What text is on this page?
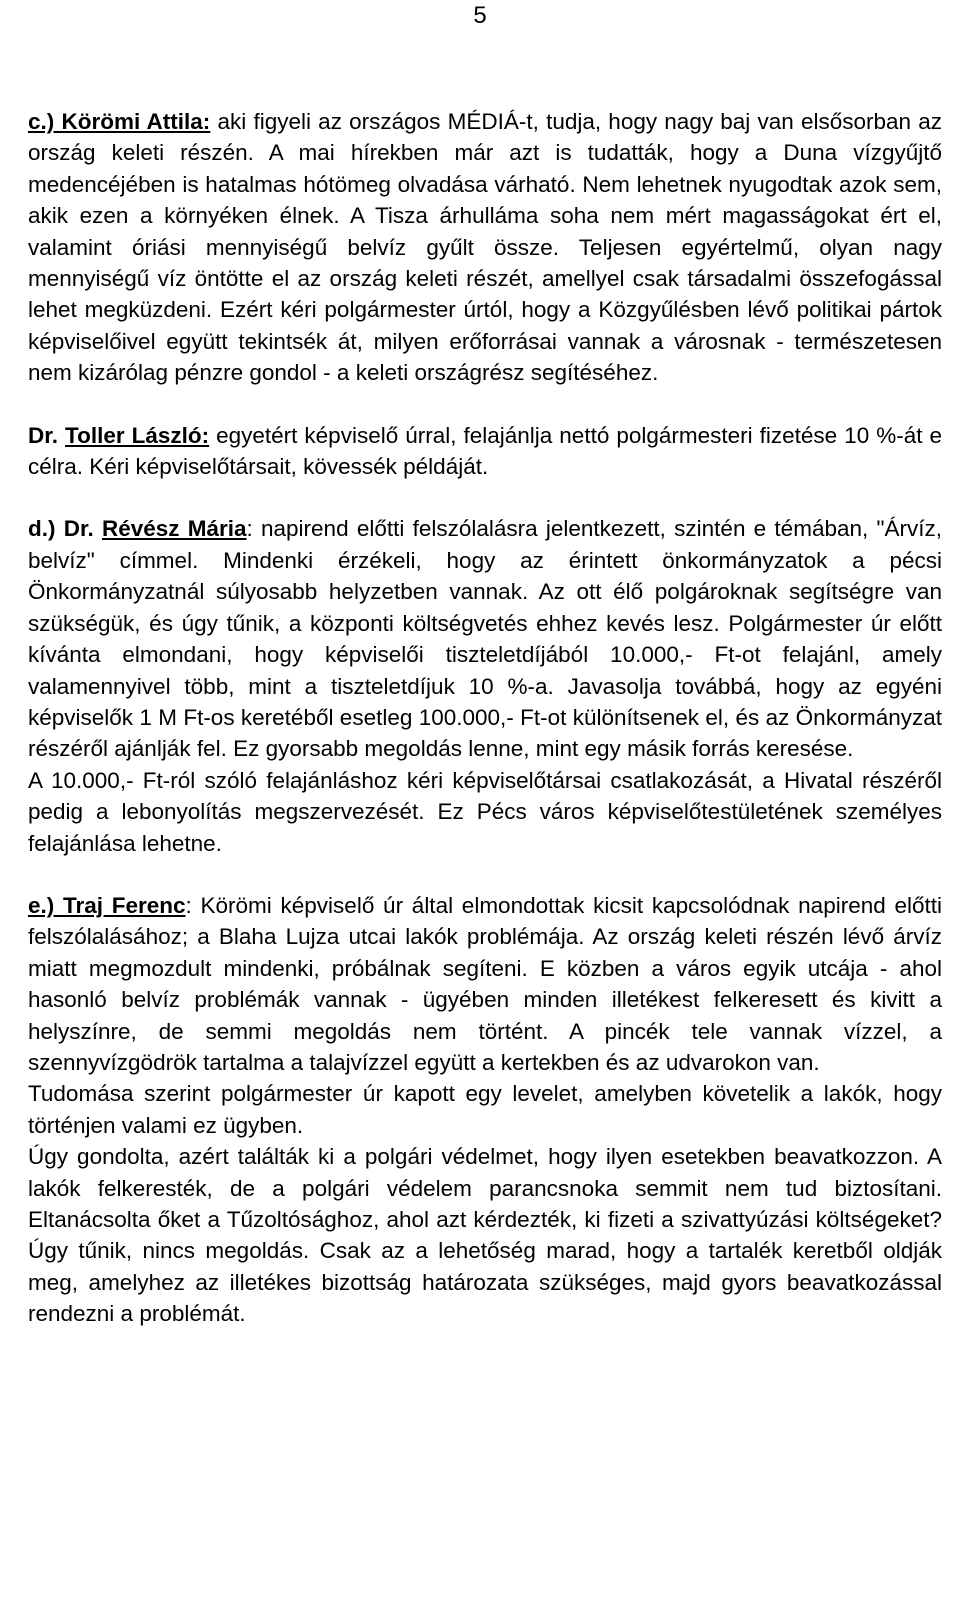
5

c.) Körömi Attila: aki figyeli az országos MÉDIÁ-t, tudja, hogy nagy baj van elsősorban az ország keleti részén. A mai hírekben már azt is tudatták, hogy a Duna vízgyűjtő medencéjében is hatalmas hótömeg olvadása várható. Nem lehetnek nyugodtak azok sem, akik ezen a környéken élnek. A Tisza árhulláma soha nem mért magasságokat ért el, valamint óriási mennyiségű belvíz gyűlt össze. Teljesen egyértelmű, olyan nagy mennyiségű víz öntötte el az ország keleti részét, amellyel csak társadalmi összefogással lehet megküzdeni. Ezért kéri polgármester úrtól, hogy a Közgyűlésben lévő politikai pártok képviselőivel együtt tekintsék át, milyen erőforrásai vannak a városnak - természetesen nem kizárólag pénzre gondol - a keleti országrész segítéséhez.

Dr. Toller László: egyetért képviselő úrral, felajánlja nettó polgármesteri fizetése 10 %-át e célra. Kéri képviselőtársait, kövessék példáját.

d.) Dr. Révész Mária: napirend előtti felszólalásra jelentkezett, szintén e témában, "Árvíz, belvíz" címmel. Mindenki érzékeli, hogy az érintett önkormányzatok a pécsi Önkormányzatnál súlyosabb helyzetben vannak. Az ott élő polgároknak segítségre van szükségük, és úgy tűnik, a központi költségvetés ehhez kevés lesz. Polgármester úr előtt kívánta elmondani, hogy képviselői tiszteletdíjából 10.000,- Ft-ot felajánl, amely valamennyivel több, mint a tiszteletdíjuk 10 %-a. Javasolja továbbá, hogy az egyéni képviselők 1 M Ft-os keretéből esetleg 100.000,- Ft-ot különítsenek el, és az Önkormányzat részéről ajánlják fel. Ez gyorsabb megoldás lenne, mint egy másik forrás keresése.

A 10.000,- Ft-ról szóló felajánláshoz kéri képviselőtársai csatlakozását, a Hivatal részéről pedig a lebonyolítás megszervezését. Ez Pécs város képviselőtestületének személyes felajánlása lehetne.

e.) Traj Ferenc: Körömi képviselő úr által elmondottak kicsit kapcsolódnak napirend előtti felszólalásához; a Blaha Lujza utcai lakók problémája. Az ország keleti részén lévő árvíz miatt megmozdult mindenki, próbálnak segíteni. E közben a város egyik utcája - ahol hasonló belvíz problémák vannak - ügyében minden illetékest felkeresett és kivitt a helyszínre, de semmi megoldás nem történt. A pincék tele vannak vízzel, a szennyvízgödrök tartalma a talajvízzel együtt a kertekben és az udvarokon van.

Tudomása szerint polgármester úr kapott egy levelet, amelyben követelik a lakók, hogy történjen valami ez ügyben.

Úgy gondolta, azért találták ki a polgári védelmet, hogy ilyen esetekben beavatkozzon. A lakók felkeresték, de a polgári védelem parancsnoka semmit nem tud biztosítani. Eltanácsolta őket a Tűzoltósághoz, ahol azt kérdezték, ki fizeti a szivattyúzási költségeket? Úgy tűnik, nincs megoldás. Csak az a lehetőség marad, hogy a tartalék keretből oldják meg, amelyhez az illetékes bizottság határozata szükséges, majd gyors beavatkozással rendezni a problémát.
